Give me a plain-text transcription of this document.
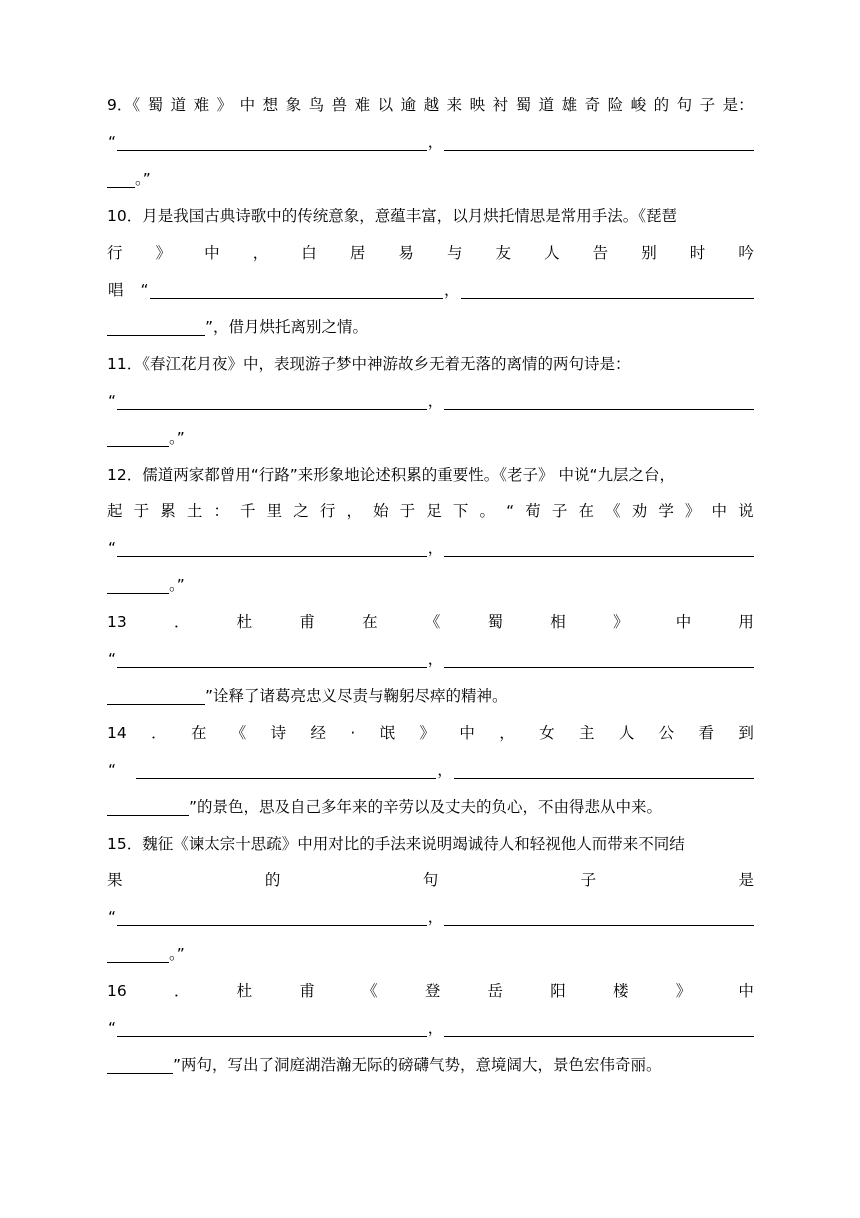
9．《 蜀 道 难 》 中 想 象 鸟 兽 难 以 逾 越 来 映 衬 蜀 道 雄 奇 险 峻 的 句 子 是：
“	，
。”
10．月是我国古典诗歌中的传统意象，意蕴丰富，以月烘托情思是常用手法。《琵琶
行 》 中 ， 白 居 易 与 友 人 告 别 时 吟
唱	“	，
”，借月烘托离别之情。
11．《春江花月夜》中，表现游子梦中神游故乡无着无落的离情的两句诗是：
“	，
。”
12．儒道两家都曾用“行路”来形象地论述积累的重要性。《老子》 中说“九层之台，
起 于 累 土 ： 千 里 之 行 ， 始 于 足 下 。 “ 荀 子 在 《 劝 学 》 中 说
“	，
。”
13	．	杜	甫	在	《	蜀	相	》	中	用
“	，
”诠释了诸葛亮忠义尽责与鞠躬尽瘁的精神。
14 ． 在 《 诗 经 · 氓 》 中 ， 女 主 人 公 看 到
“	，
”的景色，思及自己多年来的辛劳以及丈夫的负心，不由得悲从中来。
15．魏征《谏太宗十思疏》中用对比的手法来说明竭诚待人和轻视他人而带来不同结
果	的	句	子	是
“	，
。”
16	．	杜	甫	《	登	岳	阳	楼	》	中
“	，
”两句，写出了洞庭湖浩瀚无际的磅礴气势，意境阔大，景色宏伟奇丽。
